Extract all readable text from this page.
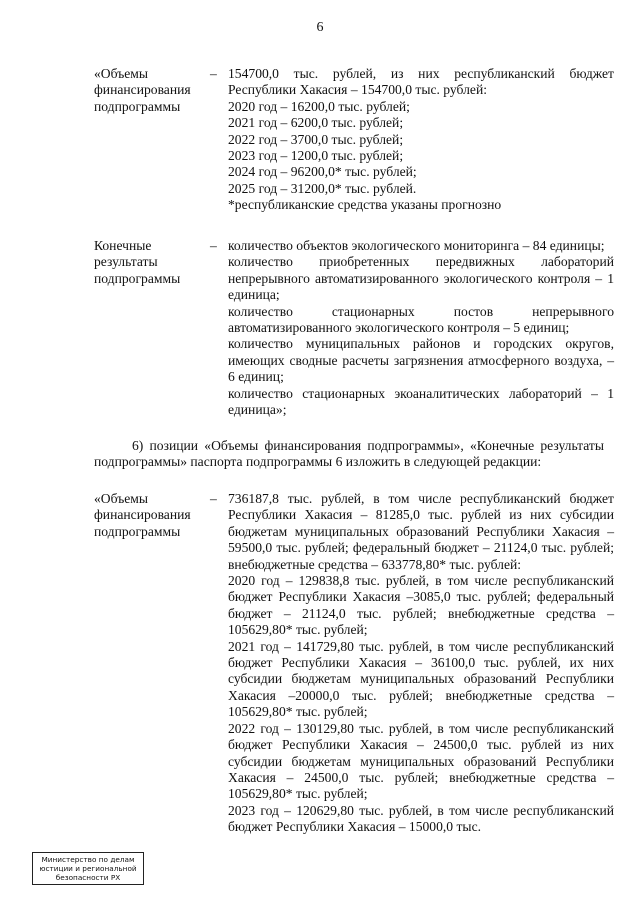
6
«Объемы
финансирования
подпрограммы
– 154700,0 тыс. рублей, из них республиканский бюджет Республики Хакасия – 154700,0 тыс. рублей:

2020 год – 16200,0 тыс. рублей;

2021 год – 6200,0 тыс. рублей;

2022 год – 3700,0 тыс. рублей;

2023 год – 1200,0 тыс. рублей;

2024 год – 96200,0* тыс. рублей;

2025 год – 31200,0* тыс. рублей.

*республиканские средства указаны прогнозно

Конечные
результаты
подпрограммы
– количество объектов экологического мониторинга – 84 единицы;

количество приобретенных передвижных лабораторий непрерывного автоматизированного экологического контроля – 1 единица;

количество стационарных постов непрерывного автоматизированного экологического контроля – 5 единиц;

количество муниципальных районов и городских округов, имеющих сводные расчеты загрязнения атмосферного воздуха, – 6 единиц;

количество стационарных экоаналитических лабораторий – 1 единица»;

6) позиции «Объемы финансирования подпрограммы», «Конечные результаты подпрограммы» паспорта подпрограммы 6 изложить в следующей редакции:
«Объемы
финансирования
подпрограммы
– 736187,8 тыс. рублей, в том числе республиканский бюджет Республики Хакасия – 81285,0 тыс. рублей из них субсидии бюджетам муниципальных образований Республики Хакасия – 59500,0 тыс. рублей; федеральный бюджет – 21124,0 тыс. рублей; внебюджетные средства – 633778,80* тыс. рублей:

2020 год – 129838,8 тыс. рублей, в том числе республиканский бюджет Республики Хакасия –3085,0 тыс. рублей; федеральный бюджет – 21124,0 тыс. рублей; внебюджетные средства – 105629,80* тыс. рублей;

2021 год – 141729,80 тыс. рублей, в том числе республиканский бюджет Республики Хакасия – 36100,0 тыс. рублей, их них субсидии бюджетам муниципальных образований Республики Хакасия –20000,0 тыс. рублей; внебюджетные средства – 105629,80* тыс. рублей;

2022 год – 130129,80 тыс. рублей, в том числе республиканский бюджет Республики Хакасия – 24500,0 тыс. рублей из них субсидии бюджетам муниципальных образований Республики Хакасия – 24500,0 тыс. рублей; внебюджетные средства – 105629,80* тыс. рублей;

2023 год – 120629,80 тыс. рублей, в том числе республиканский бюджет Республики Хакасия – 15000,0 тыс.

Министерство по делам
юстиции и региональной
безопасности РХ
